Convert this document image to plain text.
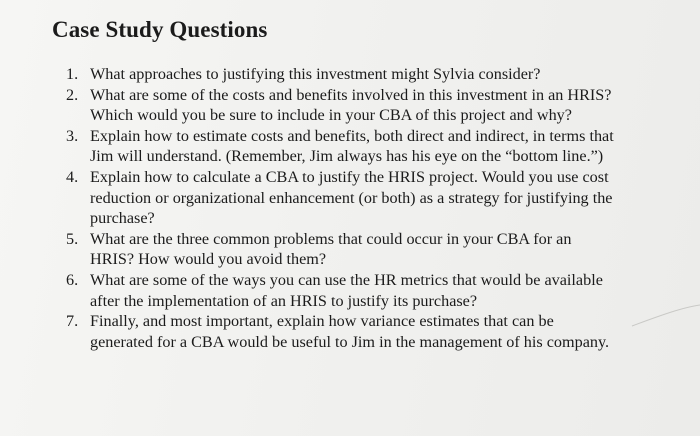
Case Study Questions
1. What approaches to justifying this investment might Sylvia consider?
2. What are some of the costs and benefits involved in this investment in an HRIS? Which would you be sure to include in your CBA of this project and why?
3. Explain how to estimate costs and benefits, both direct and indirect, in terms that Jim will understand. (Remember, Jim always has his eye on the “bottom line.”)
4. Explain how to calculate a CBA to justify the HRIS project. Would you use cost reduction or organizational enhancement (or both) as a strategy for justifying the purchase?
5. What are the three common problems that could occur in your CBA for an HRIS? How would you avoid them?
6. What are some of the ways you can use the HR metrics that would be available after the implementation of an HRIS to justify its purchase?
7. Finally, and most important, explain how variance estimates that can be generated for a CBA would be useful to Jim in the management of his company.
